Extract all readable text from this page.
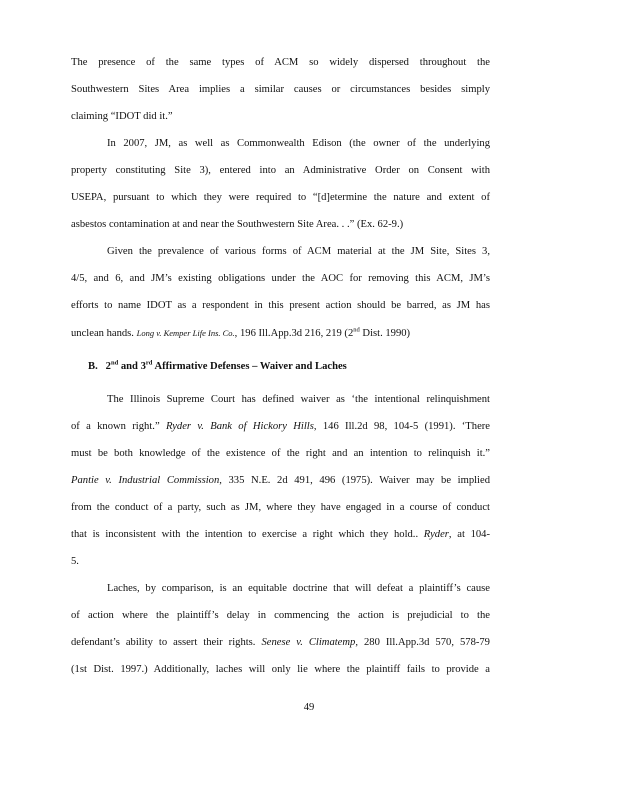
The presence of the same types of ACM so widely dispersed throughout the
Southwestern Sites Area implies a similar causes or circumstances besides simply
claiming “IDOT did it.”
In 2007, JM, as well as Commonwealth Edison (the owner of the underlying
property constituting Site 3), entered into an Administrative Order on Consent with
USEPA, pursuant to which they were required to “[d]etermine the nature and extent of
asbestos contamination at and near the Southwestern Site Area. . .” (Ex. 62-9.)
Given the prevalence of various forms of ACM material at the JM Site, Sites 3,
4/5, and 6, and JM’s existing obligations under the AOC for removing this ACM, JM’s
efforts to name IDOT as a respondent in this present action should be barred, as JM has
unclean hands. Long v. Kemper Life Ins. Co., 196 Ill.App.3d 216, 219 (2nd Dist. 1990)
B. 2nd and 3rd Affirmative Defenses – Waiver and Laches
The Illinois Supreme Court has defined waiver as ‘the intentional relinquishment
of a known right.” Ryder v. Bank of Hickory Hills, 146 Ill.2d 98, 104-5 (1991). ‘There
must be both knowledge of the existence of the right and an intention to relinquish it.”
Pantie v. Industrial Commission, 335 N.E. 2d 491, 496 (1975). Waiver may be implied
from the conduct of a party, such as JM, where they have engaged in a course of conduct
that is inconsistent with the intention to exercise a right which they hold.. Ryder, at 104-
5.
Laches, by comparison, is an equitable doctrine that will defeat a plaintiff’s cause
of action where the plaintiff’s delay in commencing the action is prejudicial to the
defendant’s ability to assert their rights. Senese v. Climatemp, 280 Ill.App.3d 570, 578-79
(1st Dist. 1997.) Additionally, laches will only lie where the plaintiff fails to provide a
49
